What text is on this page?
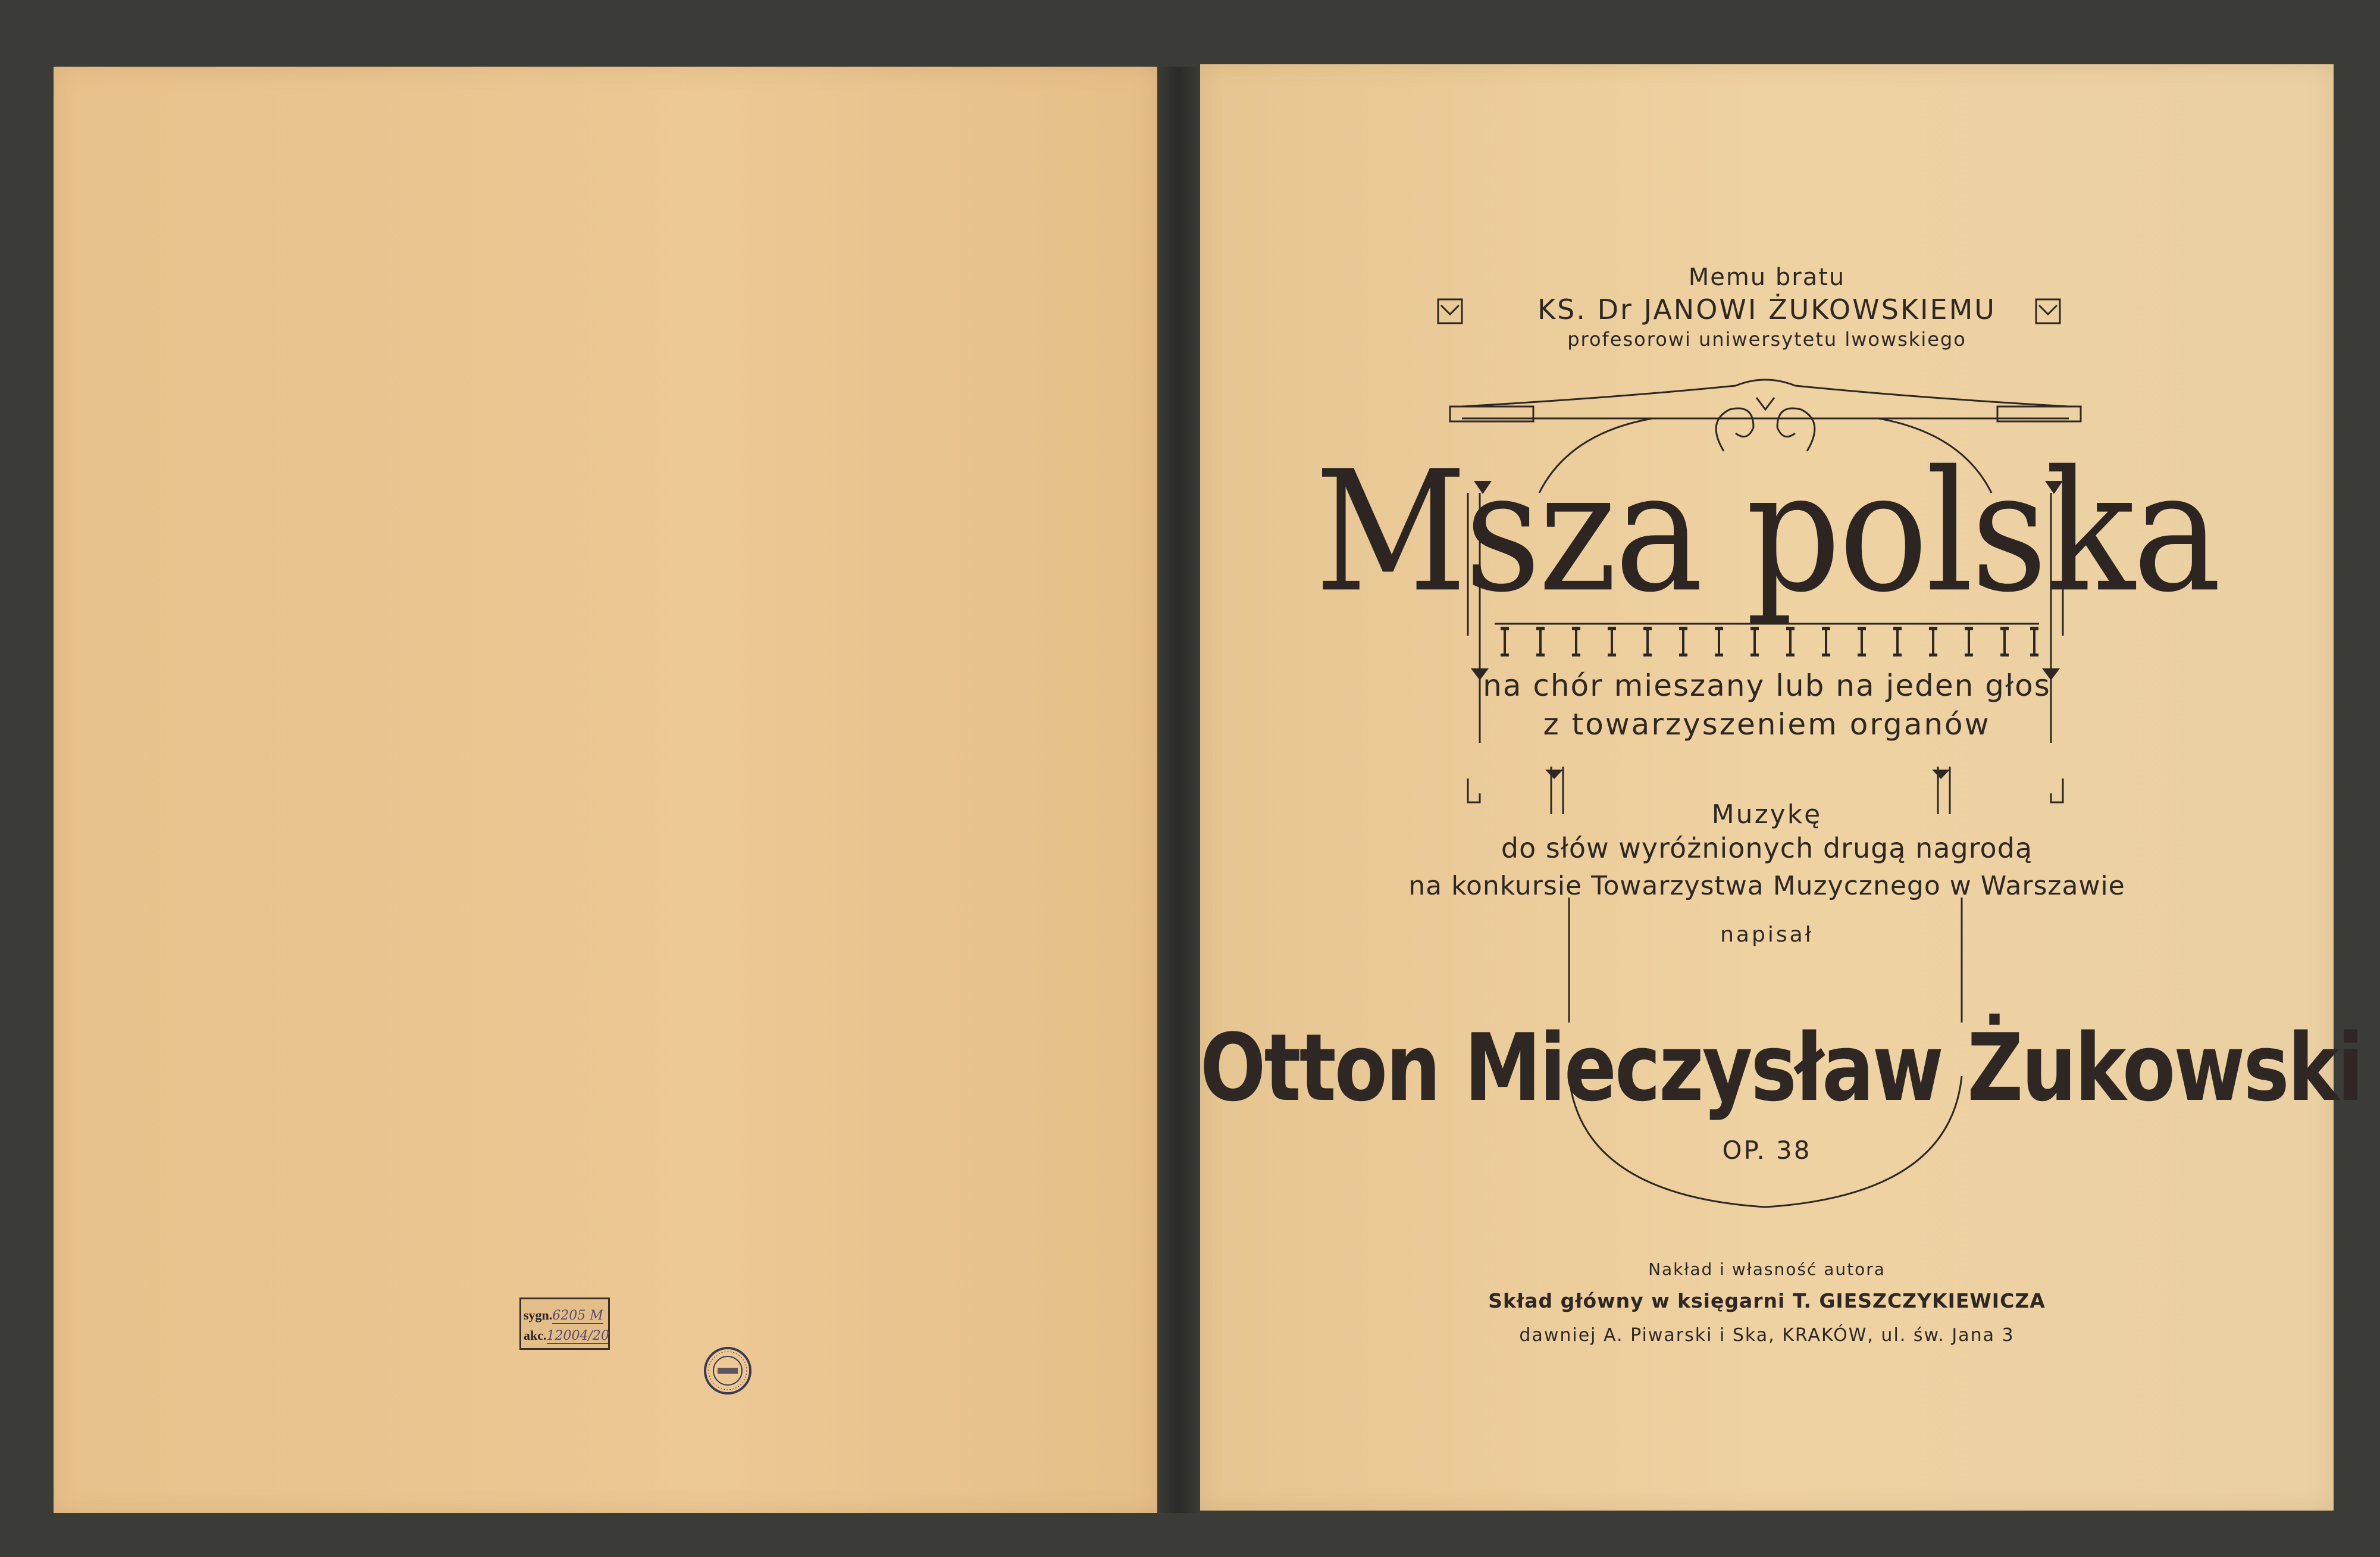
sygn.6205 M
akc.12004/20
Memu bratu
KS. Dr JANOWI ŻUKOWSKIEMU
profesorowi uniwersytetu lwowskiego
Msza polska
na chór mieszany lub na jeden głos
z towarzyszeniem organów
Muzykę
do słów wyróżnionych drugą nagrodą
na konkursie Towarzystwa Muzycznego w Warszawie
napisał
Otton Mieczysław Żukowski
OP. 38
Nakład i własność autora
Skład główny w księgarni T. GIESZCZYKIEWICZA
dawniej A. Piwarski i Ska, KRAKÓW, ul. św. Jana 3
